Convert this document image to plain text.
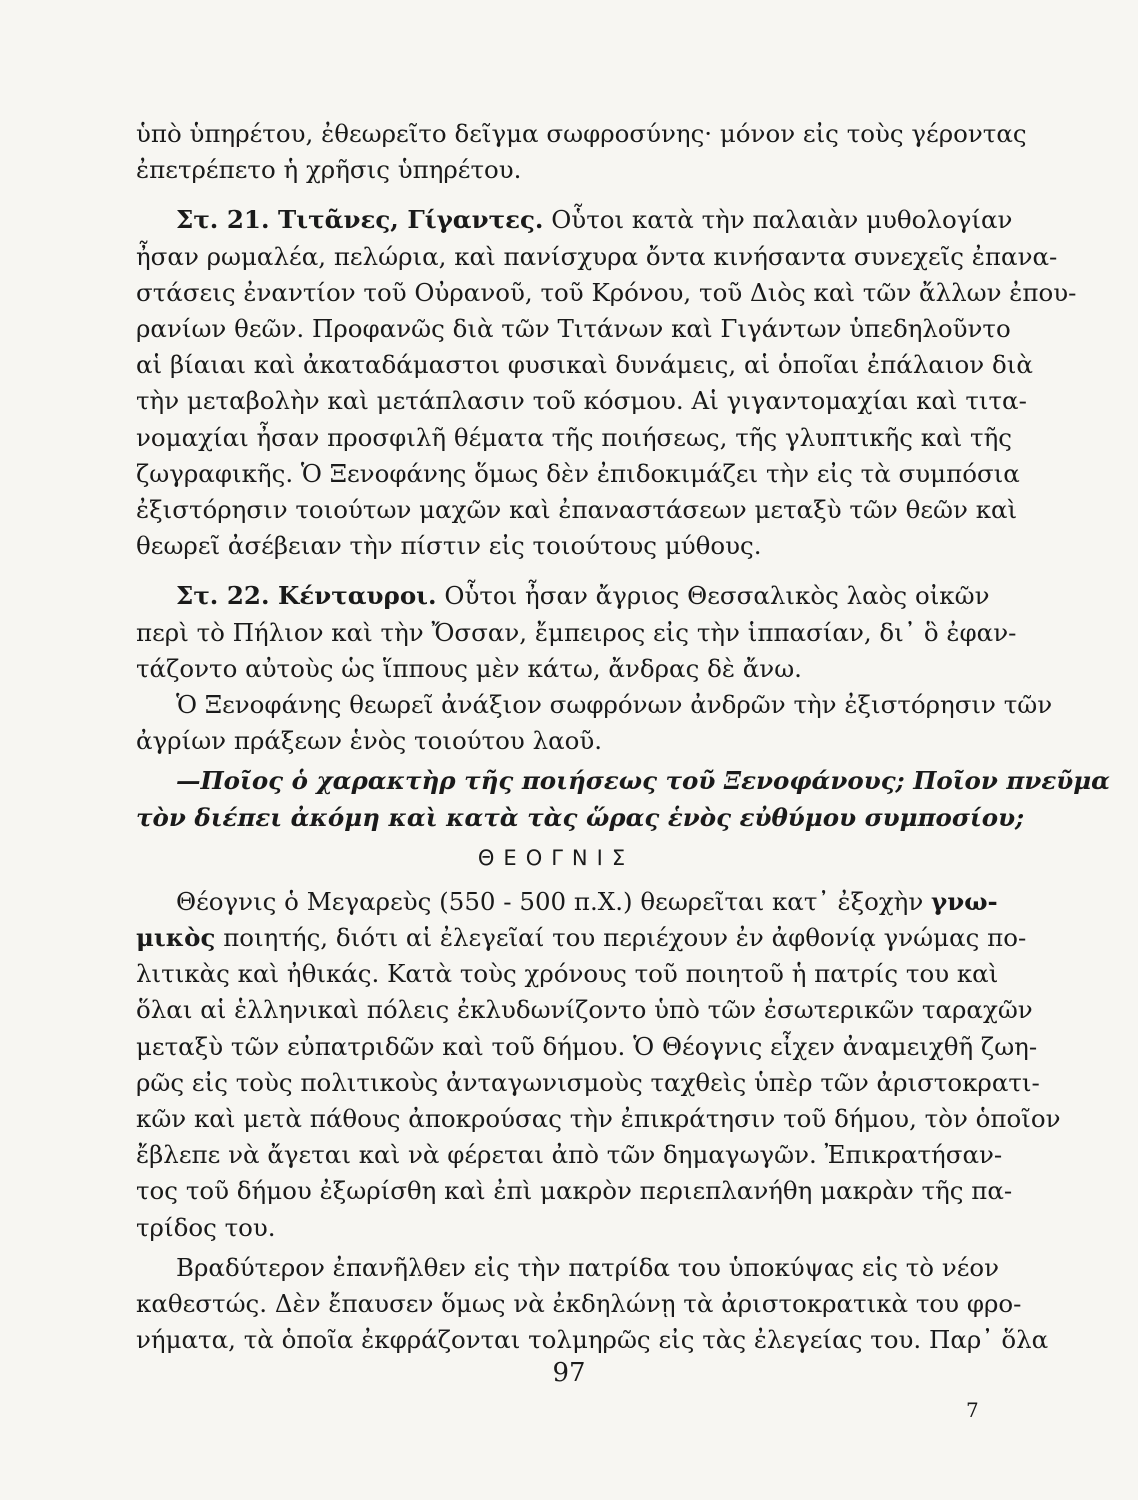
ὑπὸ ὑπηρέτου, ἐθεωρεῖτο δεῖγμα σωφροσύνης· μόνον εἰς τοὺς γέροντας
ἐπετρέπετο ἡ χρῆσις ὑπηρέτου.
Στ. 21. Τιτᾶνες, Γίγαντες. Οὗτοι κατὰ τὴν παλαιὰν μυθολογίαν
ἦσαν ρωμαλέα, πελώρια, καὶ πανίσχυρα ὄντα κινήσαντα συνεχεῖς ἐπανα-
στάσεις ἐναντίον τοῦ Οὐρανοῦ, τοῦ Κρόνου, τοῦ Διὸς καὶ τῶν ἄλλων ἐπου-
ρανίων θεῶν. Προφανῶς διὰ τῶν Τιτάνων καὶ Γιγάντων ὑπεδηλοῦντο
αἱ βίαιαι καὶ ἀκαταδάμαστοι φυσικαὶ δυνάμεις, αἱ ὁποῖαι ἐπάλαιον διὰ
τὴν μεταβολὴν καὶ μετάπλασιν τοῦ κόσμου. Αἱ γιγαντομαχίαι καὶ τιτα-
νομαχίαι ἦσαν προσφιλῆ θέματα τῆς ποιήσεως, τῆς γλυπτικῆς καὶ τῆς
ζωγραφικῆς. Ὁ Ξενοφάνης ὅμως δὲν ἐπιδοκιμάζει τὴν εἰς τὰ συμπόσια
ἐξιστόρησιν τοιούτων μαχῶν καὶ ἐπαναστάσεων μεταξὺ τῶν θεῶν καὶ
θεωρεῖ ἀσέβειαν τὴν πίστιν εἰς τοιούτους μύθους.
Στ. 22. Κένταυροι. Οὗτοι ἦσαν ἄγριος Θεσσαλικὸς λαὸς οἰκῶν
περὶ τὸ Πήλιον καὶ τὴν Ὄσσαν, ἔμπειρος εἰς τὴν ἱππασίαν, δι᾽ ὃ ἐφαν-
τάζοντο αὐτοὺς ὡς ἵππους μὲν κάτω, ἄνδρας δὲ ἄνω.
Ὁ Ξενοφάνης θεωρεῖ ἀνάξιον σωφρόνων ἀνδρῶν τὴν ἐξιστόρησιν τῶν
ἀγρίων πράξεων ἑνὸς τοιούτου λαοῦ.
—Ποῖος ὁ χαρακτὴρ τῆς ποιήσεως τοῦ Ξενοφάνους; Ποῖον πνεῦμα
τὸν διέπει ἀκόμη καὶ κατὰ τὰς ὥρας ἑνὸς εὐθύμου συμποσίου;
ΘΕΟΓΝΙΣ
Θέογνις ὁ Μεγαρεὺς (550 - 500 π.Χ.) θεωρεῖται κατ᾽ ἐξοχὴν γνω-
μικὸς ποιητής, διότι αἱ ἐλεγεῖαί του περιέχουν ἐν ἀφθονίᾳ γνώμας πο-
λιτικὰς καὶ ἠθικάς. Κατὰ τοὺς χρόνους τοῦ ποιητοῦ ἡ πατρίς του καὶ
ὅλαι αἱ ἑλληνικαὶ πόλεις ἐκλυδωνίζοντο ὑπὸ τῶν ἐσωτερικῶν ταραχῶν
μεταξὺ τῶν εὐπατριδῶν καὶ τοῦ δήμου. Ὁ Θέογνις εἶχεν ἀναμειχθῆ ζωη-
ρῶς εἰς τοὺς πολιτικοὺς ἀνταγωνισμοὺς ταχθεὶς ὑπὲρ τῶν ἀριστοκρατι-
κῶν καὶ μετὰ πάθους ἀποκρούσας τὴν ἐπικράτησιν τοῦ δήμου, τὸν ὁποῖον
ἔβλεπε νὰ ἄγεται καὶ νὰ φέρεται ἀπὸ τῶν δημαγωγῶν. Ἐπικρατήσαν-
τος τοῦ δήμου ἐξωρίσθη καὶ ἐπὶ μακρὸν περιεπλανήθη μακρὰν τῆς πα-
τρίδος του.
Βραδύτερον ἐπανῆλθεν εἰς τὴν πατρίδα του ὑποκύψας εἰς τὸ νέον
καθεστώς. Δὲν ἔπαυσεν ὅμως νὰ ἐκδηλώνῃ τὰ ἀριστοκρατικὰ του φρο-
νήματα, τὰ ὁποῖα ἐκφράζονται τολμηρῶς εἰς τὰς ἐλεγείας του. Παρ᾽ ὅλα
97
7
